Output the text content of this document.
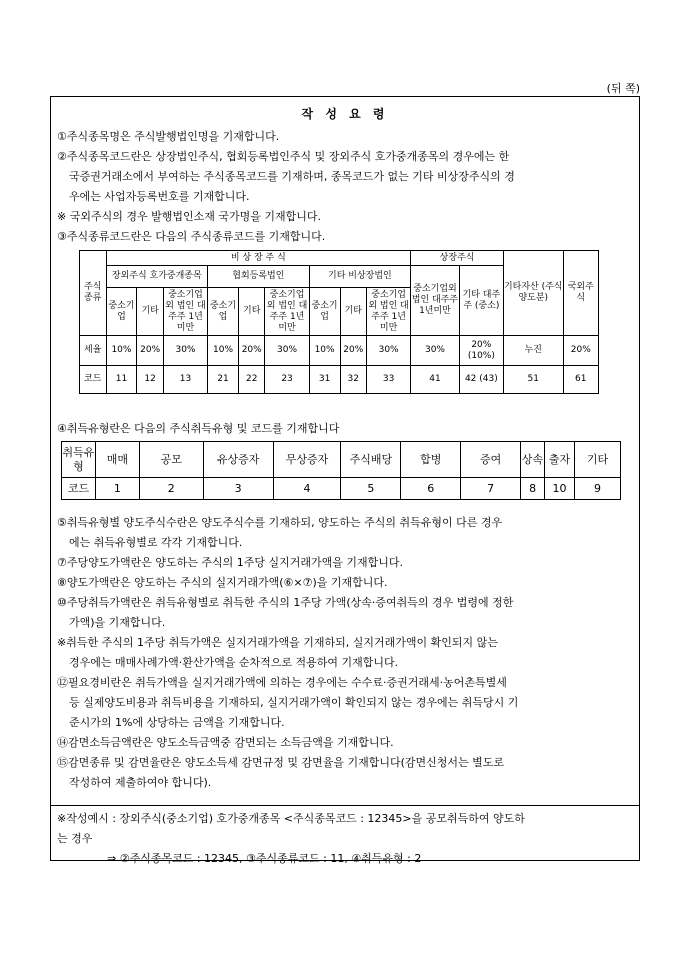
(뒤 쪽)
작 성 요 령
①주식종목명은 주식발행법인명을 기재합니다.
②주식종목코드란은 상장법인주식, 협회등록법인주식 및 장외주식 호가중개종목의 경우에는 한
국증권거래소에서 부여하는 주식종목코드를 기재하며, 종목코드가 없는 기타 비상장주식의 경
우에는 사업자등록번호를 기재합니다.
※ 국외주식의 경우 발행법인소재 국가명을 기재합니다.
③주식종류코드란은 다음의 주식종류코드를 기재합니다.
주식종류	비 상 장 주 식									상장주식		기타자산 (주식 양도분)	국외주식
	장외주식 호가중개종목			협회등록법인			기타 비상장법인			중소기업외 법인 대주주 1년미만	기타 대주주 (중소)		
	중소기업	기타	중소기업외 법인 대주주 1년미만	중소기업	기타	중소기업외 법인 대주주 1년미만	중소기업	기타	중소기업외 법인 대주주 1년미만				
세율	10%	20%	30%	10%	20%	30%	10%	20%	30%	30%	20% (10%)	누진	20%
코드	11	12	13	21	22	23	31	32	33	41	42 (43)	51	61
④취득유형란은 다음의 주식취득유형 및 코드를 기재합니다
취득유형	매매	공모	유상증자	무상증자	주식배당	합병	증여	상속	출자	기타
코드	1	2	3	4	5	6	7	8	10	9
⑤취득유형별 양도주식수란은 양도주식수를 기재하되, 양도하는 주식의 취득유형이 다른 경우
에는 취득유형별로 각각 기재합니다.
⑦주당양도가액란은 양도하는 주식의 1주당 실지거래가액을 기재합니다.
⑧양도가액란은 양도하는 주식의 실지거래가액(⑥×⑦)을 기재합니다.
⑩주당취득가액란은 취득유형별로 취득한 주식의 1주당 가액(상속·증여취득의 경우 법령에 정한
가액)을 기재합니다.
※취득한 주식의 1주당 취득가액은 실지거래가액을 기재하되, 실지거래가액이 확인되지 않는
경우에는 매매사례가액·환산가액을 순차적으로 적용하여 기재합니다.
⑫필요경비란은 취득가액을 실지거래가액에 의하는 경우에는 수수료·증권거래세·농어촌특별세
등 실제양도비용과 취득비용을 기재하되, 실지거래가액이 확인되지 않는 경우에는 취득당시 기
준시가의 1%에 상당하는 금액을 기재합니다.
⑭감면소득금액란은 양도소득금액중 감면되는 소득금액을 기재합니다.
⑮감면종류 및 감면율란은 양도소득세 감면규정 및 감면율을 기재합니다(감면신청서는 별도로
작성하여 제출하여야 합니다).
※작성예시 : 장외주식(중소기업) 호가중개종목 <주식종목코드 : 12345>을 공모취득하여 양도하
는 경우
⇒ ②주식종목코드 : 12345, ③주식종류코드 : 11, ④취득유형 : 2
